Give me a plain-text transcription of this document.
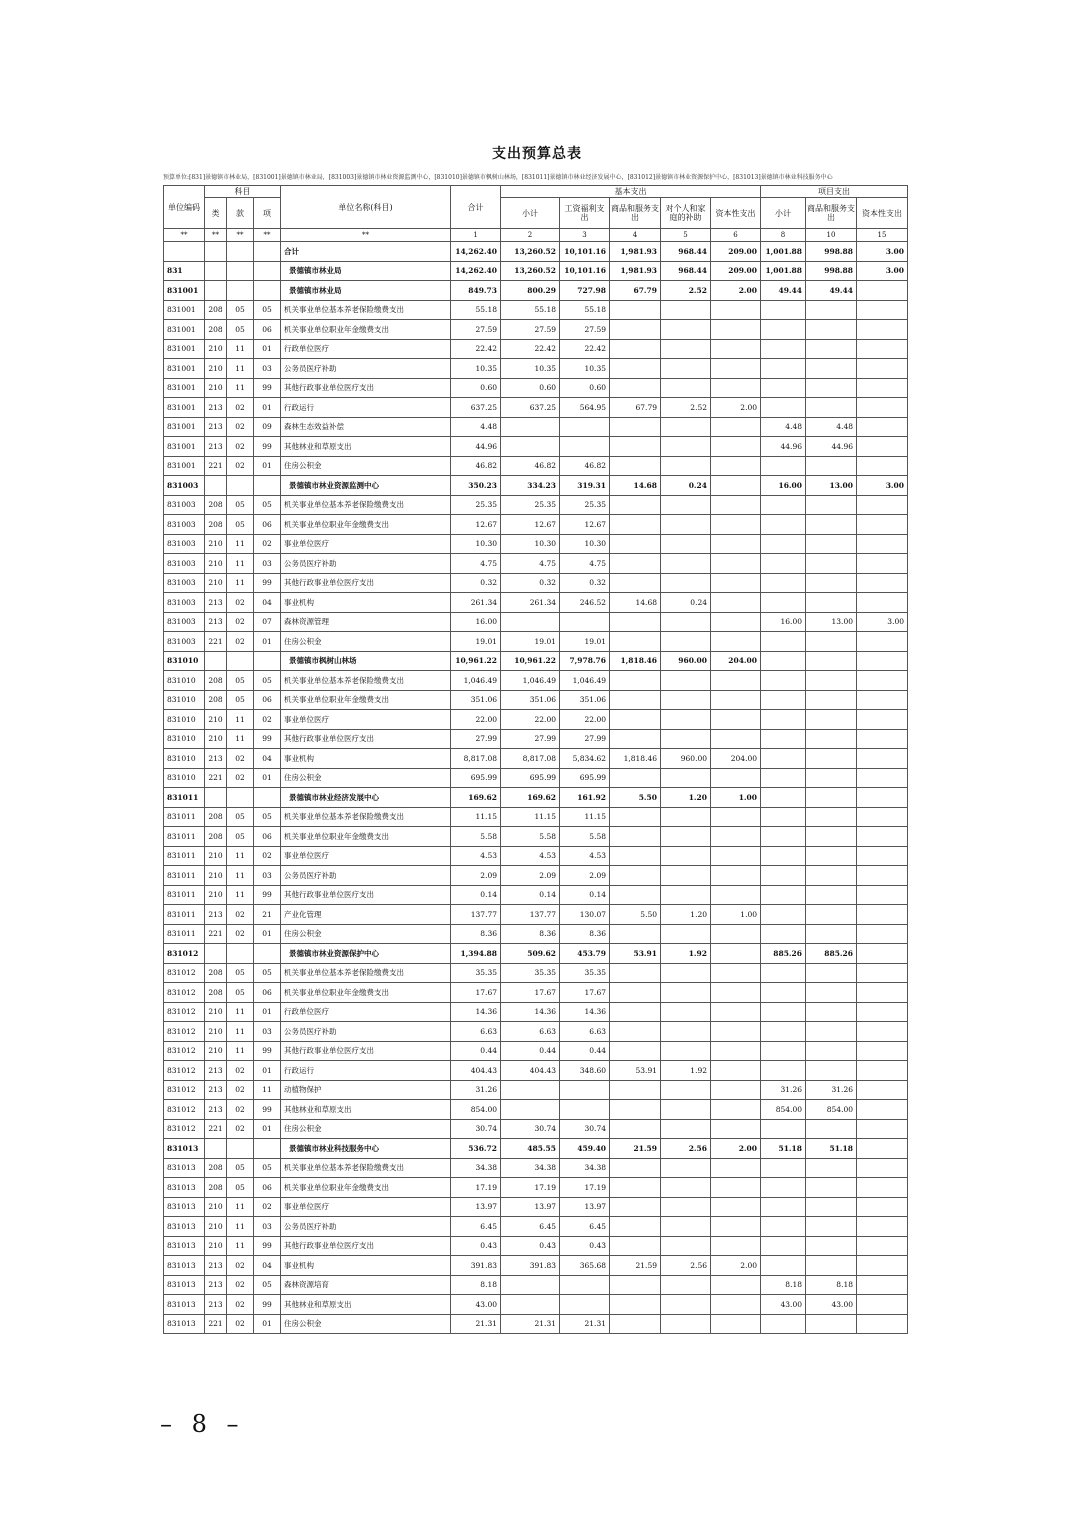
支出预算总表
预算单位:[831]景德镇市林业局，[831001]景德镇市林业局，[831003]景德镇市林业资源监测中心，[831010]景德镇市枫树山林场，[831011]景德镇市林业经济发展中心，[831012]景德镇市林业资源保护中心，[831013]景德镇市林业科技服务中心
单位编码	科目			单位名称(科目)	合计	基本支出					项目支出		
	类	款	项			小计	工资福利支出	商品和服务支出	对个人和家庭的补助	资本性支出	小计	商品和服务支出	资本性支出
**	**	**	**	**	1	2	3	4	5	6	8	10	15
				合计	14,262.40	13,260.52	10,101.16	1,981.93	968.44	209.00	1,001.88	998.88	3.00
831				景德镇市林业局	14,262.40	13,260.52	10,101.16	1,981.93	968.44	209.00	1,001.88	998.88	3.00
831001				景德镇市林业局	849.73	800.29	727.98	67.79	2.52	2.00	49.44	49.44	
831001	208	05	05	机关事业单位基本养老保险缴费支出	55.18	55.18	55.18						
831001	208	05	06	机关事业单位职业年金缴费支出	27.59	27.59	27.59						
831001	210	11	01	行政单位医疗	22.42	22.42	22.42						
831001	210	11	03	公务员医疗补助	10.35	10.35	10.35						
831001	210	11	99	其他行政事业单位医疗支出	0.60	0.60	0.60						
831001	213	02	01	行政运行	637.25	637.25	564.95	67.79	2.52	2.00			
831001	213	02	09	森林生态效益补偿	4.48						4.48	4.48	
831001	213	02	99	其他林业和草原支出	44.96						44.96	44.96	
831001	221	02	01	住房公积金	46.82	46.82	46.82						
831003				景德镇市林业资源监测中心	350.23	334.23	319.31	14.68	0.24		16.00	13.00	3.00
831003	208	05	05	机关事业单位基本养老保险缴费支出	25.35	25.35	25.35						
831003	208	05	06	机关事业单位职业年金缴费支出	12.67	12.67	12.67						
831003	210	11	02	事业单位医疗	10.30	10.30	10.30						
831003	210	11	03	公务员医疗补助	4.75	4.75	4.75						
831003	210	11	99	其他行政事业单位医疗支出	0.32	0.32	0.32						
831003	213	02	04	事业机构	261.34	261.34	246.52	14.68	0.24				
831003	213	02	07	森林资源管理	16.00						16.00	13.00	3.00
831003	221	02	01	住房公积金	19.01	19.01	19.01						
831010				景德镇市枫树山林场	10,961.22	10,961.22	7,978.76	1,818.46	960.00	204.00			
831010	208	05	05	机关事业单位基本养老保险缴费支出	1,046.49	1,046.49	1,046.49						
831010	208	05	06	机关事业单位职业年金缴费支出	351.06	351.06	351.06						
831010	210	11	02	事业单位医疗	22.00	22.00	22.00						
831010	210	11	99	其他行政事业单位医疗支出	27.99	27.99	27.99						
831010	213	02	04	事业机构	8,817.08	8,817.08	5,834.62	1,818.46	960.00	204.00			
831010	221	02	01	住房公积金	695.99	695.99	695.99						
831011				景德镇市林业经济发展中心	169.62	169.62	161.92	5.50	1.20	1.00			
831011	208	05	05	机关事业单位基本养老保险缴费支出	11.15	11.15	11.15						
831011	208	05	06	机关事业单位职业年金缴费支出	5.58	5.58	5.58						
831011	210	11	02	事业单位医疗	4.53	4.53	4.53						
831011	210	11	03	公务员医疗补助	2.09	2.09	2.09						
831011	210	11	99	其他行政事业单位医疗支出	0.14	0.14	0.14						
831011	213	02	21	产业化管理	137.77	137.77	130.07	5.50	1.20	1.00			
831011	221	02	01	住房公积金	8.36	8.36	8.36						
831012				景德镇市林业资源保护中心	1,394.88	509.62	453.79	53.91	1.92		885.26	885.26	
831012	208	05	05	机关事业单位基本养老保险缴费支出	35.35	35.35	35.35						
831012	208	05	06	机关事业单位职业年金缴费支出	17.67	17.67	17.67						
831012	210	11	01	行政单位医疗	14.36	14.36	14.36						
831012	210	11	03	公务员医疗补助	6.63	6.63	6.63						
831012	210	11	99	其他行政事业单位医疗支出	0.44	0.44	0.44						
831012	213	02	01	行政运行	404.43	404.43	348.60	53.91	1.92				
831012	213	02	11	动植物保护	31.26						31.26	31.26	
831012	213	02	99	其他林业和草原支出	854.00						854.00	854.00	
831012	221	02	01	住房公积金	30.74	30.74	30.74						
831013				景德镇市林业科技服务中心	536.72	485.55	459.40	21.59	2.56	2.00	51.18	51.18	
831013	208	05	05	机关事业单位基本养老保险缴费支出	34.38	34.38	34.38						
831013	208	05	06	机关事业单位职业年金缴费支出	17.19	17.19	17.19						
831013	210	11	02	事业单位医疗	13.97	13.97	13.97						
831013	210	11	03	公务员医疗补助	6.45	6.45	6.45						
831013	210	11	99	其他行政事业单位医疗支出	0.43	0.43	0.43						
831013	213	02	04	事业机构	391.83	391.83	365.68	21.59	2.56	2.00			
831013	213	02	05	森林资源培育	8.18						8.18	8.18	
831013	213	02	99	其他林业和草原支出	43.00						43.00	43.00	
831013	221	02	01	住房公积金	21.31	21.31	21.31						
– 8 –
